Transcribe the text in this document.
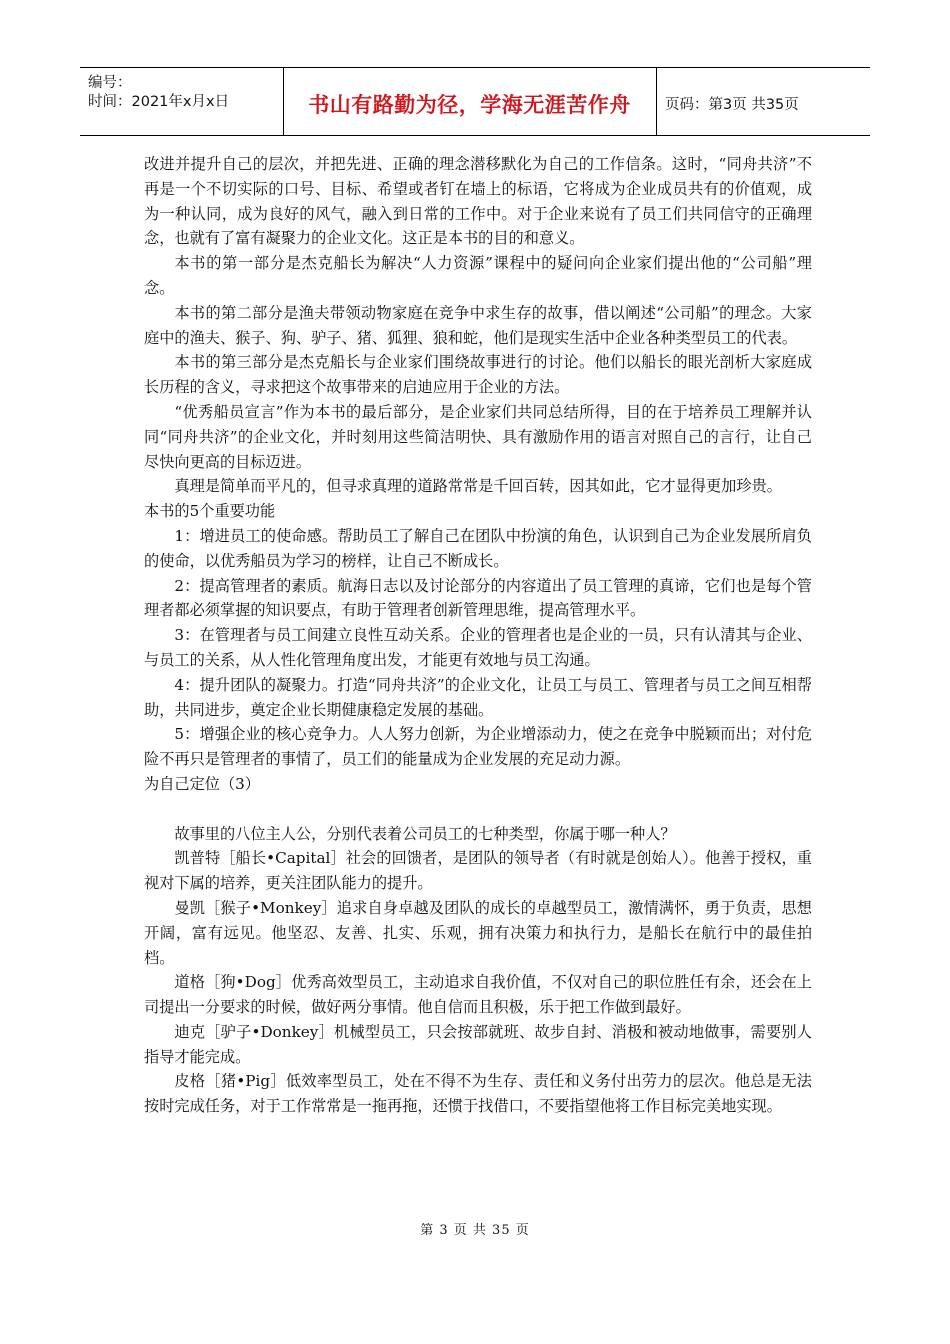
编号：
时间：2021年x月x日	书山有路勤为径，学海无涯苦作舟	页码：第3页 共35页

改进并提升自己的层次，并把先进、正确的理念潜移默化为自己的工作信条。这时，“同舟共济”不再是一个不切实际的口号、目标、希望或者钉在墙上的标语，它将成为企业成员共有的价值观，成为一种认同，成为良好的风气，融入到日常的工作中。对于企业来说有了员工们共同信守的正确理念，也就有了富有凝聚力的企业文化。这正是本书的目的和意义。

本书的第一部分是杰克船长为解决“人力资源”课程中的疑问向企业家们提出他的“公司船”理念。

本书的第二部分是渔夫带领动物家庭在竞争中求生存的故事，借以阐述“公司船”的理念。大家庭中的渔夫、猴子、狗、驴子、猪、狐狸、狼和蛇，他们是现实生活中企业各种类型员工的代表。

本书的第三部分是杰克船长与企业家们围绕故事进行的讨论。他们以船长的眼光剖析大家庭成长历程的含义，寻求把这个故事带来的启迪应用于企业的方法。

“优秀船员宣言”作为本书的最后部分，是企业家们共同总结所得，目的在于培养员工理解并认同“同舟共济”的企业文化，并时刻用这些简洁明快、具有激励作用的语言对照自己的言行，让自己尽快向更高的目标迈进。

真理是简单而平凡的，但寻求真理的道路常常是千回百转，因其如此，它才显得更加珍贵。

本书的5个重要功能

1：增进员工的使命感。帮助员工了解自己在团队中扮演的角色，认识到自己为企业发展所肩负的使命，以优秀船员为学习的榜样，让自己不断成长。

2：提高管理者的素质。航海日志以及讨论部分的内容道出了员工管理的真谛，它们也是每个管理者都必须掌握的知识要点，有助于管理者创新管理思维，提高管理水平。

3：在管理者与员工间建立良性互动关系。企业的管理者也是企业的一员，只有认清其与企业、与员工的关系，从人性化管理角度出发，才能更有效地与员工沟通。

4：提升团队的凝聚力。打造“同舟共济”的企业文化，让员工与员工、管理者与员工之间互相帮助，共同进步，奠定企业长期健康稳定发展的基础。

5：增强企业的核心竞争力。人人努力创新，为企业增添动力，使之在竞争中脱颖而出；对付危险不再只是管理者的事情了，员工们的能量成为企业发展的充足动力源。

为自己定位（3）

故事里的八位主人公，分别代表着公司员工的七种类型，你属于哪一种人？

凯普特［船长•Capital］社会的回馈者，是团队的领导者（有时就是创始人）。他善于授权，重视对下属的培养，更关注团队能力的提升。

曼凯［猴子•Monkey］追求自身卓越及团队的成长的卓越型员工，激情满怀，勇于负责，思想开阔，富有远见。他坚忍、友善、扎实、乐观，拥有决策力和执行力，是船长在航行中的最佳拍档。

道格［狗•Dog］优秀高效型员工，主动追求自我价值，不仅对自己的职位胜任有余，还会在上司提出一分要求的时候，做好两分事情。他自信而且积极，乐于把工作做到最好。

迪克［驴子•Donkey］机械型员工，只会按部就班、故步自封、消极和被动地做事，需要别人指导才能完成。

皮格［猪•Pig］低效率型员工，处在不得不为生存、责任和义务付出劳力的层次。他总是无法按时完成任务，对于工作常常是一拖再拖，还惯于找借口，不要指望他将工作目标完美地实现。

第 3 页 共 35 页
